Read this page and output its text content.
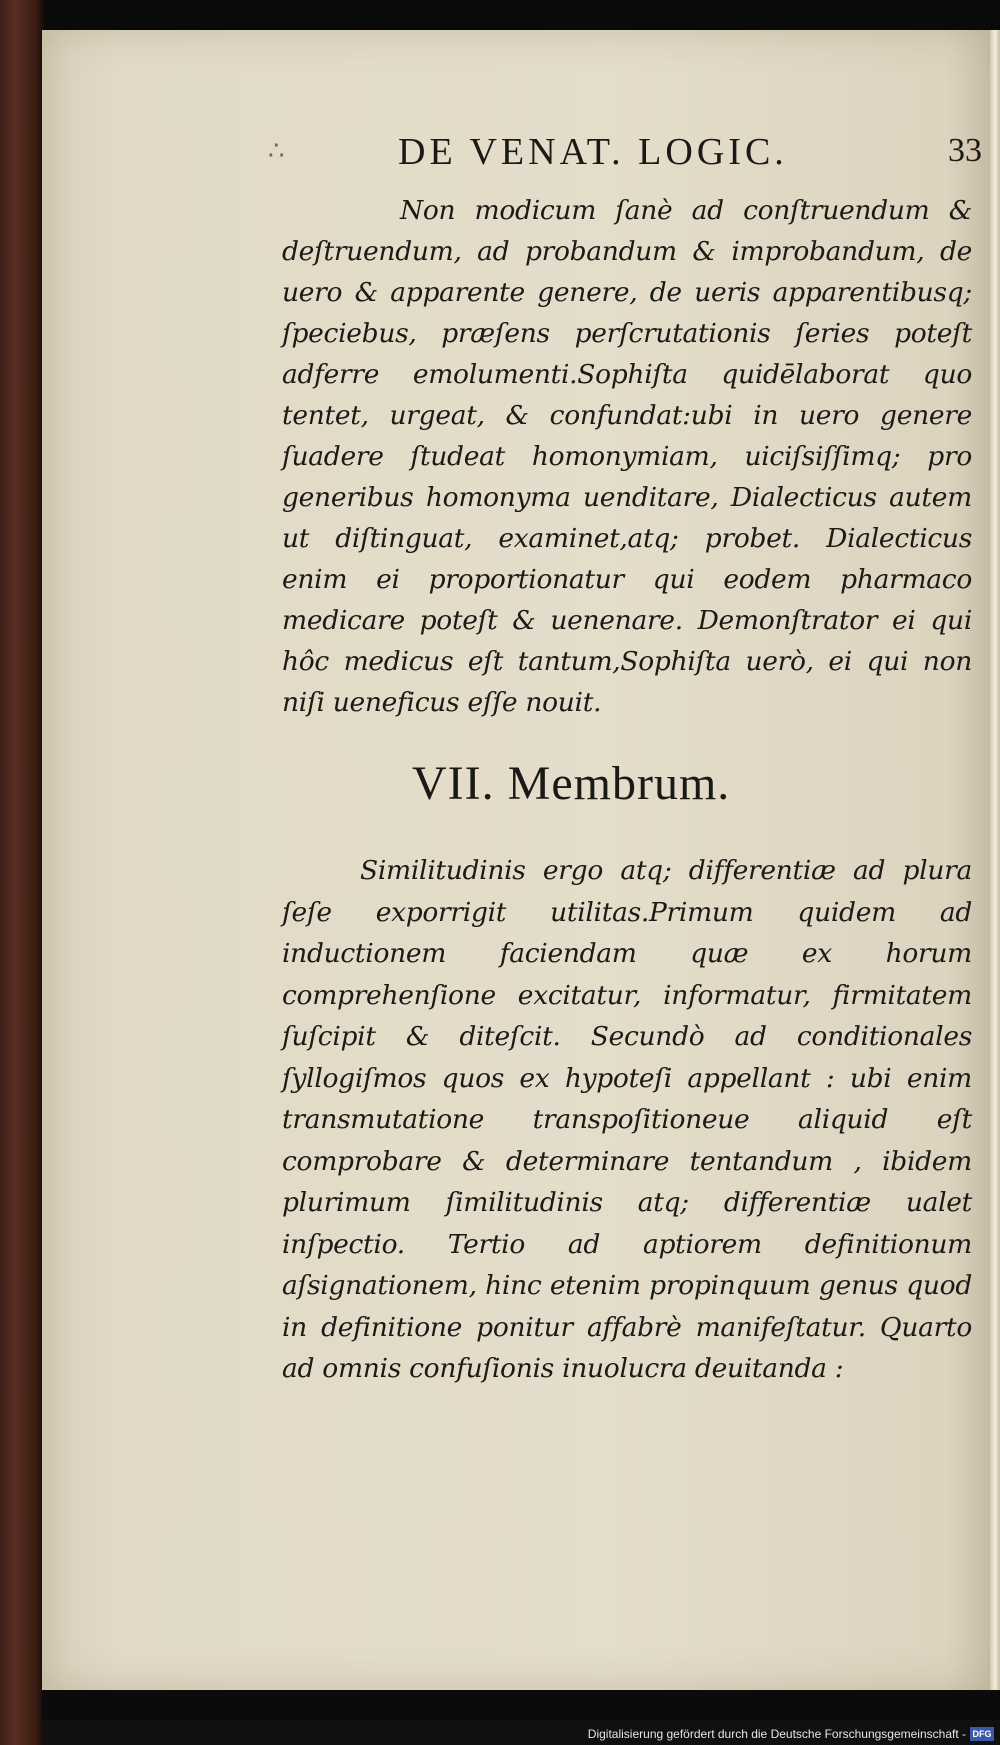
∴	DE VENAT. LOGIC.	33

Non modicum ſanè ad conſtruendum & deſtruendum, ad probandum & improbandum, de uero & apparente genere, de ueris apparentibusq; ſpeciebus, præſens perſcrutationis ſeries poteſt adferre emolumenti.Sophiſta quidēlaborat quo tentet, urgeat, & confundat:ubi in uero genere ſuadere ſtudeat homonymiam, uiciſsiſſimq; pro generibus homonyma uenditare, Dialecticus autem ut diſtinguat, examinet,atq; probet. Dialecticus enim ei proportionatur qui eodem pharmaco medicare poteſt & uenenare. Demonſtrator ei qui hôc medicus eſt tantum,Sophiſta uerò, ei qui non niſi ueneficus eſſe nouit.

VII. Membrum.

Similitudinis ergo atq; differentiæ ad plura ſeſe exporrigit utilitas.Primum quidem ad inductionem faciendam quæ ex horum comprehenſione excitatur, informatur, firmitatem ſuſcipit & diteſcit. Secundò ad conditionales ſyllogiſmos quos ex hypoteſi appellant : ubi enim transmutatione transpoſitioneue aliquid eſt comprobare & determinare tentandum , ibidem plurimum ſimilitudinis atq; differentiæ ualet inſpectio. Tertio ad aptiorem definitionum aſsignationem, hinc etenim propinquum genus quod in definitione ponitur affabrè manifeſtatur. Quarto ad omnis confuſionis inuolucra deuitanda :

Digitalisierung gefördert durch die Deutsche Forschungsgemeinschaft - DFG
